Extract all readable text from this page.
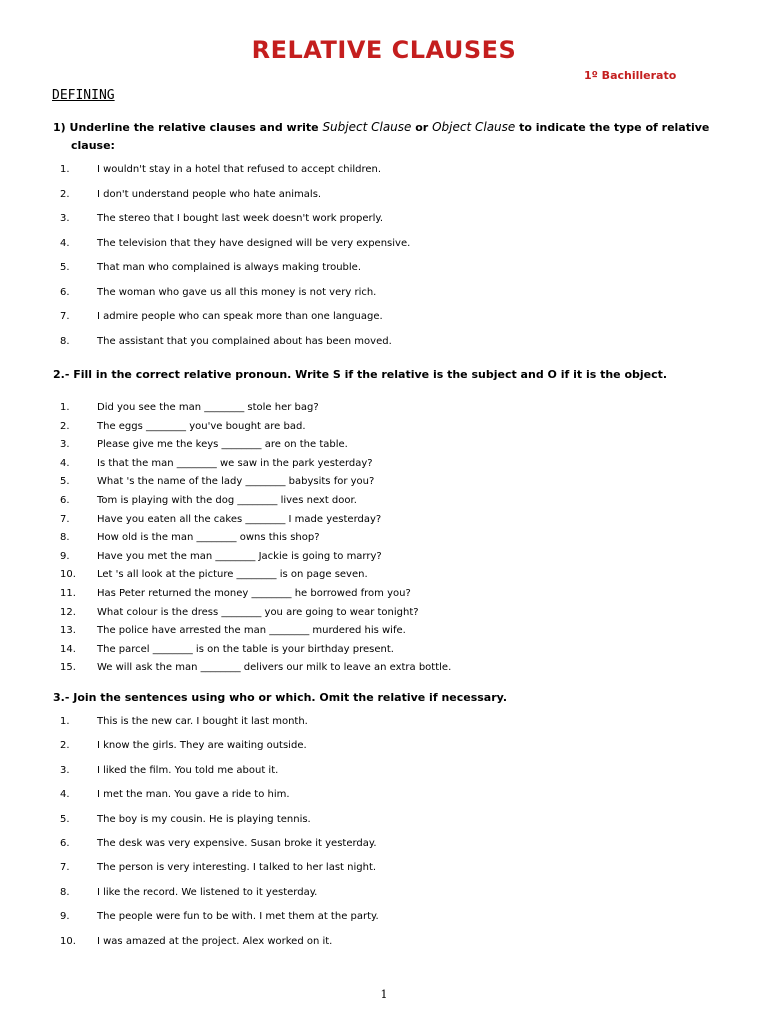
RELATIVE CLAUSES
1º Bachillerato
DEFINING
1) Underline the relative clauses and write Subject Clause or Object Clause to indicate the type of relative
clause:
1.	I wouldn't stay in a hotel that refused to accept children.
2.	I don't understand people who hate animals.
3.	The stereo that I bought last week doesn't work properly.
4.	The television that they have designed will be very expensive.
5.	That man who complained is always making trouble.
6.	The woman who gave us all this money is not very rich.
7.	I admire people who can speak more than one language.
8.	The assistant that you complained about has been moved.
2.- Fill in the correct relative pronoun. Write S if the relative is the subject and O if it is the object.
1.	Did you see the man ________ stole her bag?
2.	The eggs ________ you've bought are bad.
3.	Please give me the keys ________ are on the table.
4.	Is that the man ________ we saw in the park yesterday?
5.	What 's the name of the lady ________ babysits for you?
6.	Tom is playing with the dog ________ lives next door.
7.	Have you eaten all the cakes ________ I made yesterday?
8.	How old is the man ________ owns this shop?
9.	Have you met the man ________ Jackie is going to marry?
10.	Let 's all look at the picture ________ is on page seven.
11.	Has Peter returned the money ________ he borrowed from you?
12.	What colour is the dress ________ you are going to wear tonight?
13.	The police have arrested the man ________ murdered his wife.
14.	The parcel ________ is on the table is your birthday present.
15.	We will ask the man ________ delivers our milk to leave an extra bottle.
3.- Join the sentences using who or which. Omit the relative if necessary.
1.	This is the new car. I bought it last month.
2.	I know the girls. They are waiting outside.
3.	I liked the film. You told me about it.
4.	I met the man. You gave a ride to him.
5.	The boy is my cousin. He is playing tennis.
6.	The desk was very expensive. Susan broke it yesterday.
7.	The person is very interesting. I talked to her last night.
8.	I like the record. We listened to it yesterday.
9.	The people were fun to be with. I met them at the party.
10.	I was amazed at the project. Alex worked on it.
1
